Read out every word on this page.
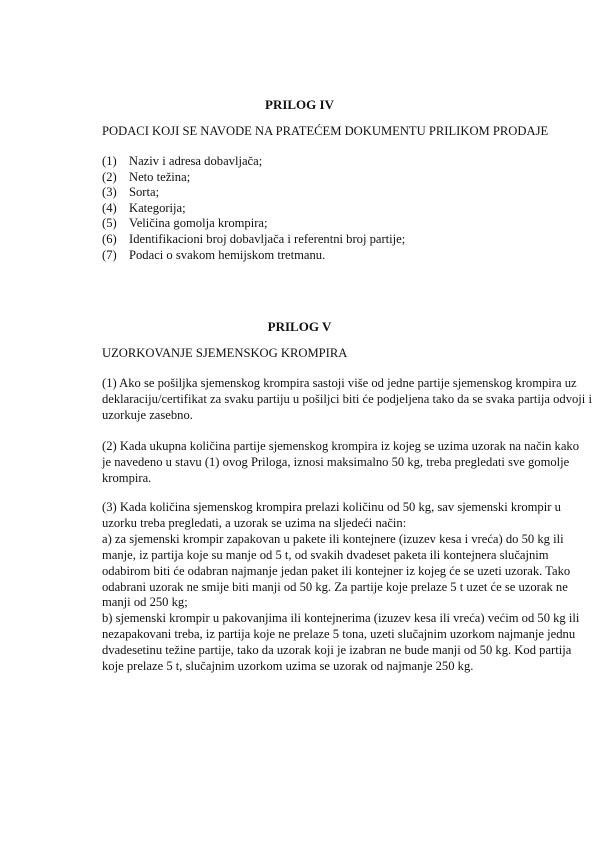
PRILOG IV
PODACI KOJI SE NAVODE NA PRATEĆEM DOKUMENTU PRILIKOM PRODAJE
(1) Naziv i adresa dobavljača;
(2) Neto težina;
(3) Sorta;
(4) Kategorija;
(5) Veličina gomolja krompira;
(6) Identifikacioni broj dobavljača i referentni broj partije;
(7) Podaci o svakom hemijskom tretmanu.
PRILOG V
UZORKOVANJE SJEMENSKOG KROMPIRA

(1) Ako se pošiljka sjemenskog krompira sastoji više od jedne partije sjemenskog krompira uz
deklaraciju/certifikat za svaku partiju u pošiljci biti će podjeljena tako da se svaka partija odvoji i
uzorkuje zasebno.

(2) Kada ukupna količina partije sjemenskog krompira iz kojeg se uzima uzorak na način kako
je navedeno u stavu (1) ovog Priloga, iznosi maksimalno 50 kg, treba pregledati sve gomolje
krompira.

(3) Kada količina sjemenskog krompira prelazi količinu od 50 kg, sav sjemenski krompir u
uzorku treba pregledati, a uzorak se uzima na sljedeći način:
a) za sjemenski krompir zapakovan u pakete ili kontejnere (izuzev kesa i vreća) do 50 kg ili
manje, iz partija koje su manje od 5 t, od svakih dvadeset paketa ili kontejnera slučajnim
odabirom biti će odabran najmanje jedan paket ili kontejner iz kojeg će se uzeti uzorak. Tako
odabrani uzorak ne smije biti manji od 50 kg. Za partije koje prelaze 5 t uzet će se uzorak ne
manji od 250 kg;
b) sjemenski krompir u pakovanjima ili kontejnerima (izuzev kesa ili vreća) većim od 50 kg ili
nezapakovani treba, iz partija koje ne prelaze 5 tona, uzeti slučajnim uzorkom najmanje jednu
dvadesetinu težine partije, tako da uzorak koji je izabran ne bude manji od 50 kg. Kod partija
koje prelaze 5 t, slučajnim uzorkom uzima se uzorak od najmanje 250 kg.
